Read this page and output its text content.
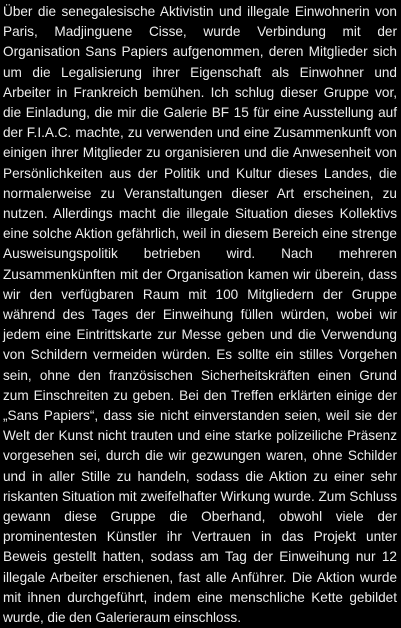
Über die senegalesische Aktivistin und illegale Einwohnerin von Paris, Madjinguene Cisse, wurde Verbindung mit der Organisation Sans Papiers aufgenommen, deren Mitglieder sich um die Legalisierung ihrer Eigenschaft als Einwohner und Arbeiter in Frankreich bemühen. Ich schlug dieser Gruppe vor, die Einladung, die mir die Galerie BF 15 für eine Ausstellung auf der F.I.A.C. machte, zu verwenden und eine Zusammenkunft von einigen ihrer Mitglieder zu organisieren und die Anwesenheit von Persönlichkeiten aus der Politik und Kultur dieses Landes, die normalerweise zu Veranstaltungen dieser Art erscheinen, zu nutzen. Allerdings macht die illegale Situation dieses Kollektivs eine solche Aktion gefährlich, weil in diesem Bereich eine strenge Ausweisungspolitik betrieben wird. Nach mehreren Zusammenkünften mit der Organisation kamen wir überein, dass wir den verfügbaren Raum mit 100 Mitgliedern der Gruppe während des Tages der Einweihung füllen würden, wobei wir jedem eine Eintrittskarte zur Messe geben und die Verwendung von Schildern vermeiden würden. Es sollte ein stilles Vorgehen sein, ohne den französischen Sicherheitskräften einen Grund zum Einschreiten zu geben. Bei den Treffen erklärten einige der „Sans Papiers“, dass sie nicht einverstanden seien, weil sie der Welt der Kunst nicht trauten und eine starke polizeiliche Präsenz vorgesehen sei, durch die wir gezwungen waren, ohne Schilder und in aller Stille zu handeln, sodass die Aktion zu einer sehr riskanten Situation mit zweifelhafter Wirkung wurde. Zum Schluss gewann diese Gruppe die Oberhand, obwohl viele der prominentesten Künstler ihr Vertrauen in das Projekt unter Beweis gestellt hatten, sodass am Tag der Einweihung nur 12 illegale Arbeiter erschienen, fast alle Anführer. Die Aktion wurde mit ihnen durchgeführt, indem eine menschliche Kette gebildet wurde, die den Galerieraum einschloss.
